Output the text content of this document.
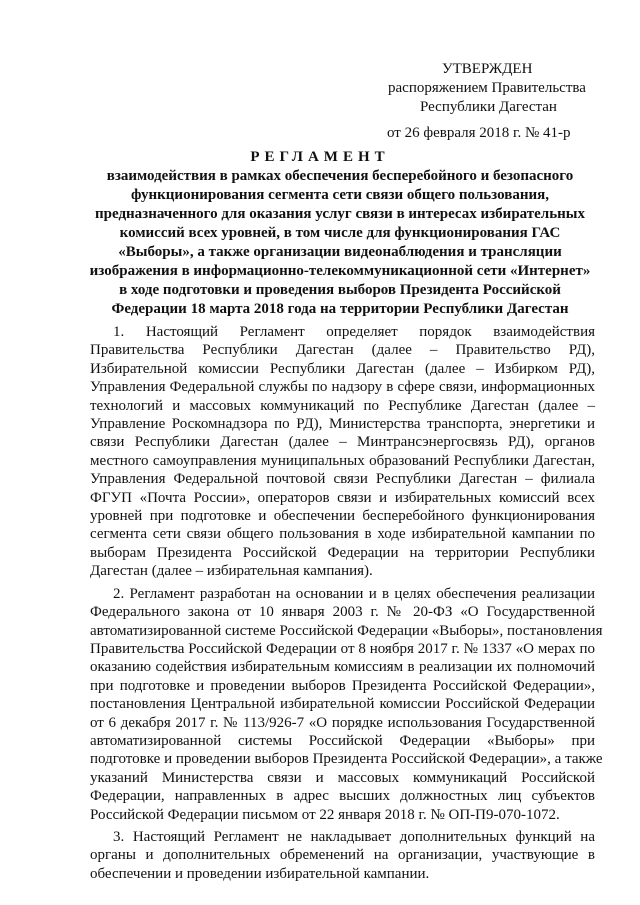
УТВЕРЖДЕН
распоряжением Правительства
Республики Дагестан
от 26 февраля 2018 г. № 41-р
РЕГЛАМЕНТ
взаимодействия в рамках обеспечения бесперебойного и безопасного
функционирования сегмента сети связи общего пользования,
предназначенного для оказания услуг связи в интересах избирательных
комиссий всех уровней, в том числе для функционирования ГАС
«Выборы», а также организации видеонаблюдения и трансляции
изображения в информационно-телекоммуникационной сети «Интернет»
в ходе подготовки и проведения выборов Президента Российской
Федерации 18 марта 2018 года на территории Республики Дагестан
1. Настоящий Регламент определяет порядок взаимодействия
Правительства Республики Дагестан (далее – Правительство РД),
Избирательной комиссии Республики Дагестан (далее – Избирком РД),
Управления Федеральной службы по надзору в сфере связи, информационных
технологий и массовых коммуникаций по Республике Дагестан (далее –
Управление Роскомнадзора по РД), Министерства транспорта, энергетики и
связи Республики Дагестан (далее – Минтрансэнергосвязь РД), органов
местного самоуправления муниципальных образований Республики Дагестан,
Управления Федеральной почтовой связи Республики Дагестан – филиала
ФГУП «Почта России», операторов связи и избирательных комиссий всех
уровней при подготовке и обеспечении бесперебойного функционирования
сегмента сети связи общего пользования в ходе избирательной кампании по
выборам Президента Российской Федерации на территории Республики
Дагестан (далее – избирательная кампания).
2. Регламент разработан на основании и в целях обеспечения реализации
Федерального закона от 10 января 2003 г. № 20-ФЗ «О Государственной
автоматизированной системе Российской Федерации «Выборы», постановления
Правительства Российской Федерации от 8 ноября 2017 г. № 1337 «О мерах по
оказанию содействия избирательным комиссиям в реализации их полномочий
при подготовке и проведении выборов Президента Российской Федерации»,
постановления Центральной избирательной комиссии Российской Федерации
от 6 декабря 2017 г. № 113/926-7 «О порядке использования Государственной
автоматизированной системы Российской Федерации «Выборы» при
подготовке и проведении выборов Президента Российской Федерации», а также
указаний Министерства связи и массовых коммуникаций Российской
Федерации, направленных в адрес высших должностных лиц субъектов
Российской Федерации письмом от 22 января 2018 г. № ОП-П9-070-1072.
3. Настоящий Регламент не накладывает дополнительных функций на
органы и дополнительных обременений на организации, участвующие в
обеспечении и проведении избирательной кампании.
